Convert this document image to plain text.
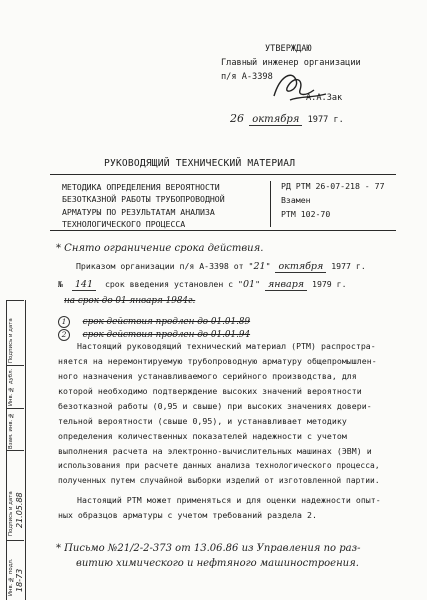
Подпись и дата
Инв. № дубл.
Взам. инв. №
Подпись и дата
Инв. № подл.
21.05.88
18-73
УТВЕРЖДАЮ
Главный инженер организации
п/я А-3398
А.А.Зак
26 октября 1977 г.
РУКОВОДЯЩИЙ ТЕХНИЧЕСКИЙ МАТЕРИАЛ
МЕТОДИКА ОПРЕДЕЛЕНИЯ ВЕРОЯТНОСТИ
БЕЗОТКАЗНОЙ РАБОТЫ ТРУБОПРОВОДНОЙ
АРМАТУРЫ ПО РЕЗУЛЬТАТАМ АНАЛИЗА
ТЕХНОЛОГИЧЕСКОГО ПРОЦЕССА
РД РТМ 26-07-218 - 77
Взамен
РТМ 102-70
* Снято ограничение срока действия.
Приказом организации п/я А-3398 от "21" октября 1977 г.
№ 141 срок введения установлен с "01" января 1979 г.
на срок до 01 января 1984г.
1 срок действия продлен до 01.01.89
2 срок действия продлен до 01.01.94
Настоящий руководящий технический материал (РТМ) распростра-
няется на неремонтируемую трубопроводную арматуру общепромышлен-
ного назначения устанавливаемого серийного производства, для
которой необходимо подтверждение высоких значений вероятности
безотказной работы (0,95 и свыше) при высоких значениях довери-
тельной вероятности (свыше 0,95), и устанавливает методику
определения количественных показателей надежности с учетом
выполнения расчета на электронно-вычислительных машинах (ЭВМ) и
использования при расчете данных анализа технологического процесса,
полученных путем случайной выборки изделий от изготовленной партии.
Настоящий РТМ может применяться и для оценки надежности опыт-
ных образцов арматуры с учетом требований раздела 2.
* Письмо №21/2-2-373 от 13.06.86 из Управления по раз-
витию химического и нефтяного машиностроения.
